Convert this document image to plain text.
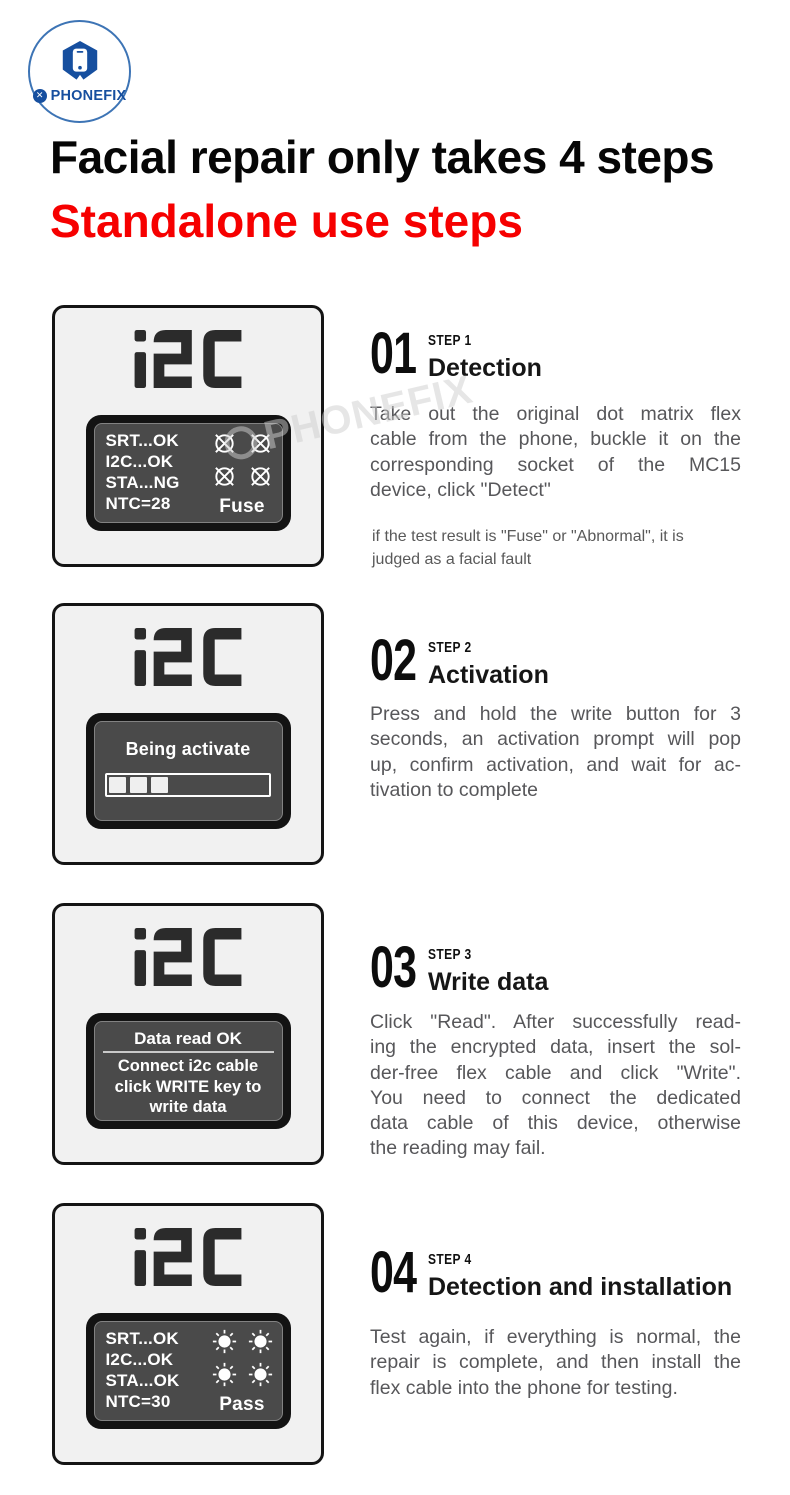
✕ PHONEFIX
Facial repair only takes 4 steps
Standalone use steps
SRT...OK
I2C...OK
STA...NG
NTC=28	Fuse
01 STEP 1
Detection
Take out the original dot matrix flex
cable from the phone, buckle it on the
corresponding socket of the MC15
device, click "Detect"
if the test result is "Fuse" or "Abnormal", it is
judged as a facial fault
Being activate
02 STEP 2
Activation
Press and hold the write button for 3
seconds, an activation prompt will pop
up, confirm activation, and wait for ac-
tivation to complete
Data read OK
Connect i2c cable
click WRITE key to
write data
03 STEP 3
Write data
Click "Read". After successfully read-
ing the encrypted data, insert the sol-
der-free flex cable and click "Write".
You need to connect the dedicated
data cable of this device, otherwise
the reading may fail.
SRT...OK
I2C...OK
STA...OK
NTC=30	Pass
04 STEP 4
Detection and installation
Test again, if everything is normal, the
repair is complete, and then install the
flex cable into the phone for testing.
PHONEFIX
